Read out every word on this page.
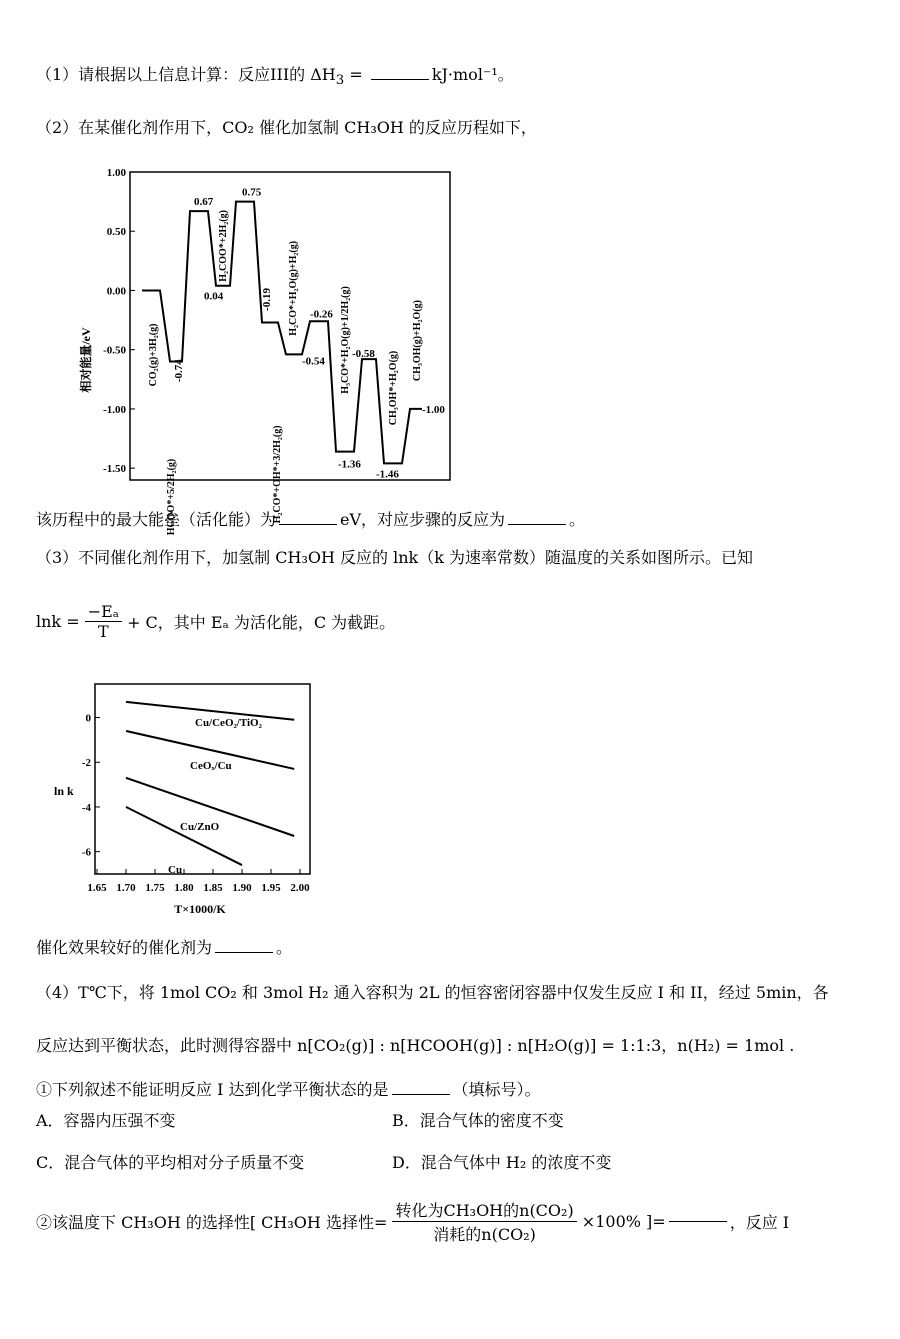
（1）请根据以上信息计算：反应III的 $\Delta H_3$ =	kJ·mol⁻¹。
（2）在某催化剂作用下，CO₂ 催化加氢制 CH₃OH 的反应历程如下，
相对能量/eV
1.00
0.50
0.00
-0.50
-1.00
-1.50
0.67
0.04
0.75
-0.19
-0.54
-0.26
-1.36
-0.58
-1.46
-1.00
-0.74
CO₂(g)+3H₂(g)
HCOO*+5/2H₂(g)
H₂COO*+2H₂(g)
H₂CO*+OH*+3/2H₂(g)
H₂CO*+H₂O(g)+H₂(g)	H₃CO*+H₂O(g)+1/2H₂(g)	CH₃OH*+H₂O(g)
CH₃OH(g)+H₂O(g)
该历程中的最大能垒（活化能）为	eV，对应步骤的反应为	。
（3）不同催化剂作用下，加氢制 CH₃OH 反应的 lnk（k 为速率常数）随温度的关系如图所示。已知
$\ln k = \frac{\text{−Eₐ}}{T} + C$，其中 Eₐ 为活化能，C 为截距。
ln k
T×1000/K
0
-2
-4
-6
1.65 1.70 1.75 1.80 1.85 1.90 1.95 2.00
Cu/CeO₂/TiO₂
CeOₓ/Cu
Cu/ZnO
Cu
催化效果较好的催化剂为	。
（4）T℃下，将 1mol CO₂ 和 3mol H₂ 通入容积为 2L 的恒容密闭容器中仅发生反应 I 和 II，经过 5min，各
反应达到平衡状态，此时测得容器中 n[CO₂(g)] : n[HCOOH(g)] : n[H₂O(g)] = 1:1:3，n(H₂) = 1mol .
①下列叙述不能证明反应 I 达到化学平衡状态的是	（填标号）。
A．容器内压强不变	B．混合气体的密度不变
C．混合气体的平均相对分子质量不变	D．混合气体中 H₂ 的浓度不变
②该温度下 CH₃OH 的选择性[ CH₃OH 选择性= $\frac{\text{转化为CH₃OH的n(CO₂)}}{\text{消耗的n(CO₂)}} \times 100\%$ ]=	，反应 I
